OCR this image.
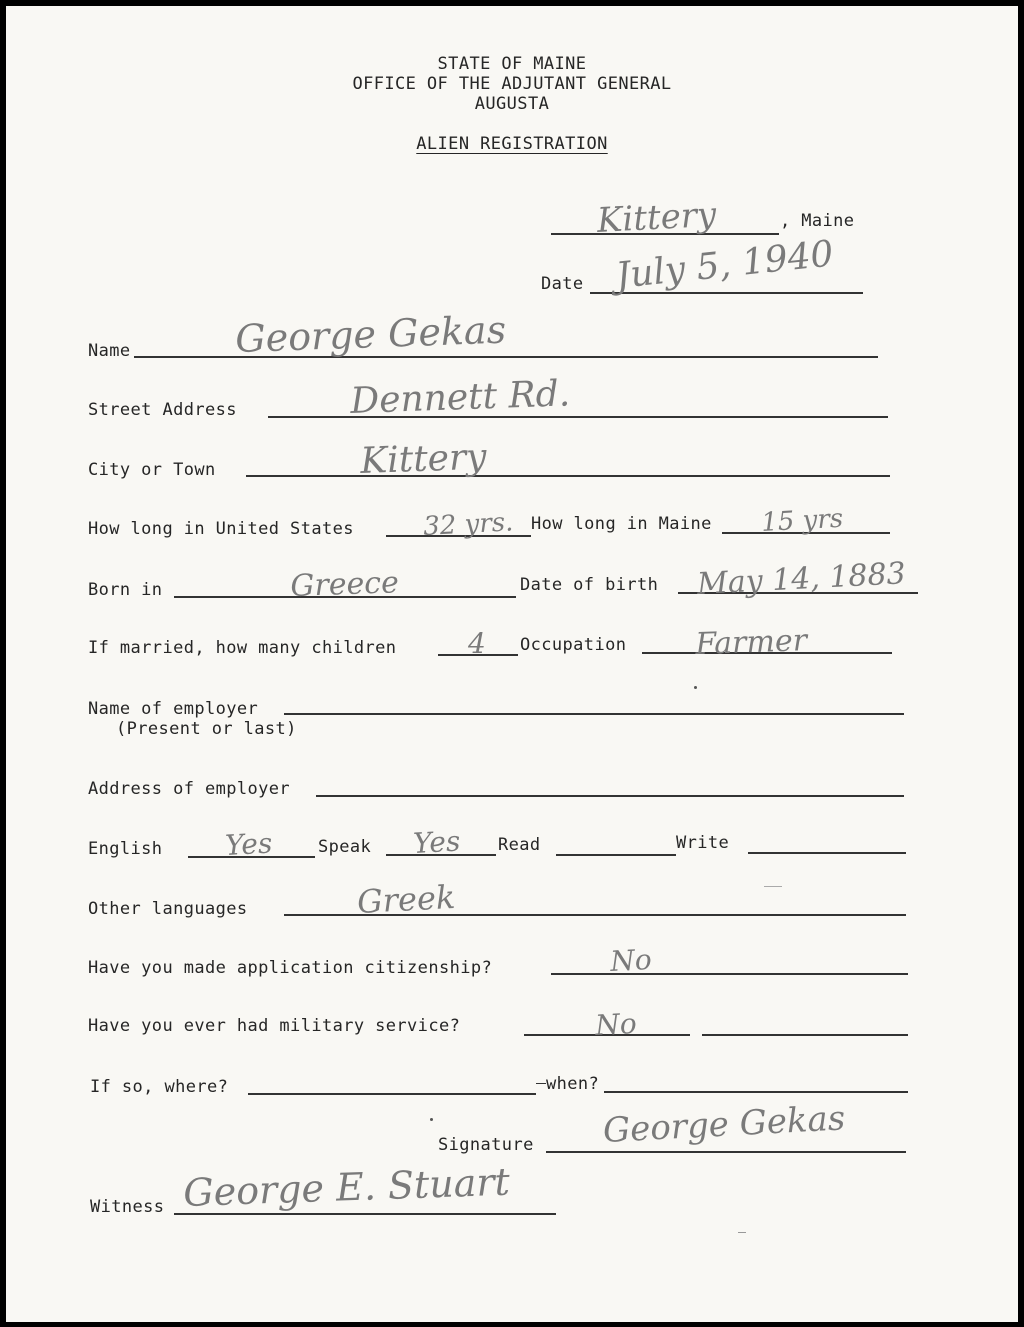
STATE OF MAINE
OFFICE OF THE ADJUTANT GENERAL
AUGUSTA
ALIEN REGISTRATION
Kittery	, Maine
Date July 5, 1940
Name	George Gekas
Street Address	Dennett Rd.
City or Town	Kittery
How long in United States	32 yrs. How long in Maine 15 yrs
Born in	Greece	Date of birth May 14, 1883
If married, how many children	4 Occupation Farmer
Name of employer
(Present or last)
Address of employer
English Yes	Speak Yes Read	Write
Other languages	Greek
Have you made application citizenship?	No
Have you ever had military service?	No
If so, where?	when?
Signature George Gekas
Witness George E. Stuart
